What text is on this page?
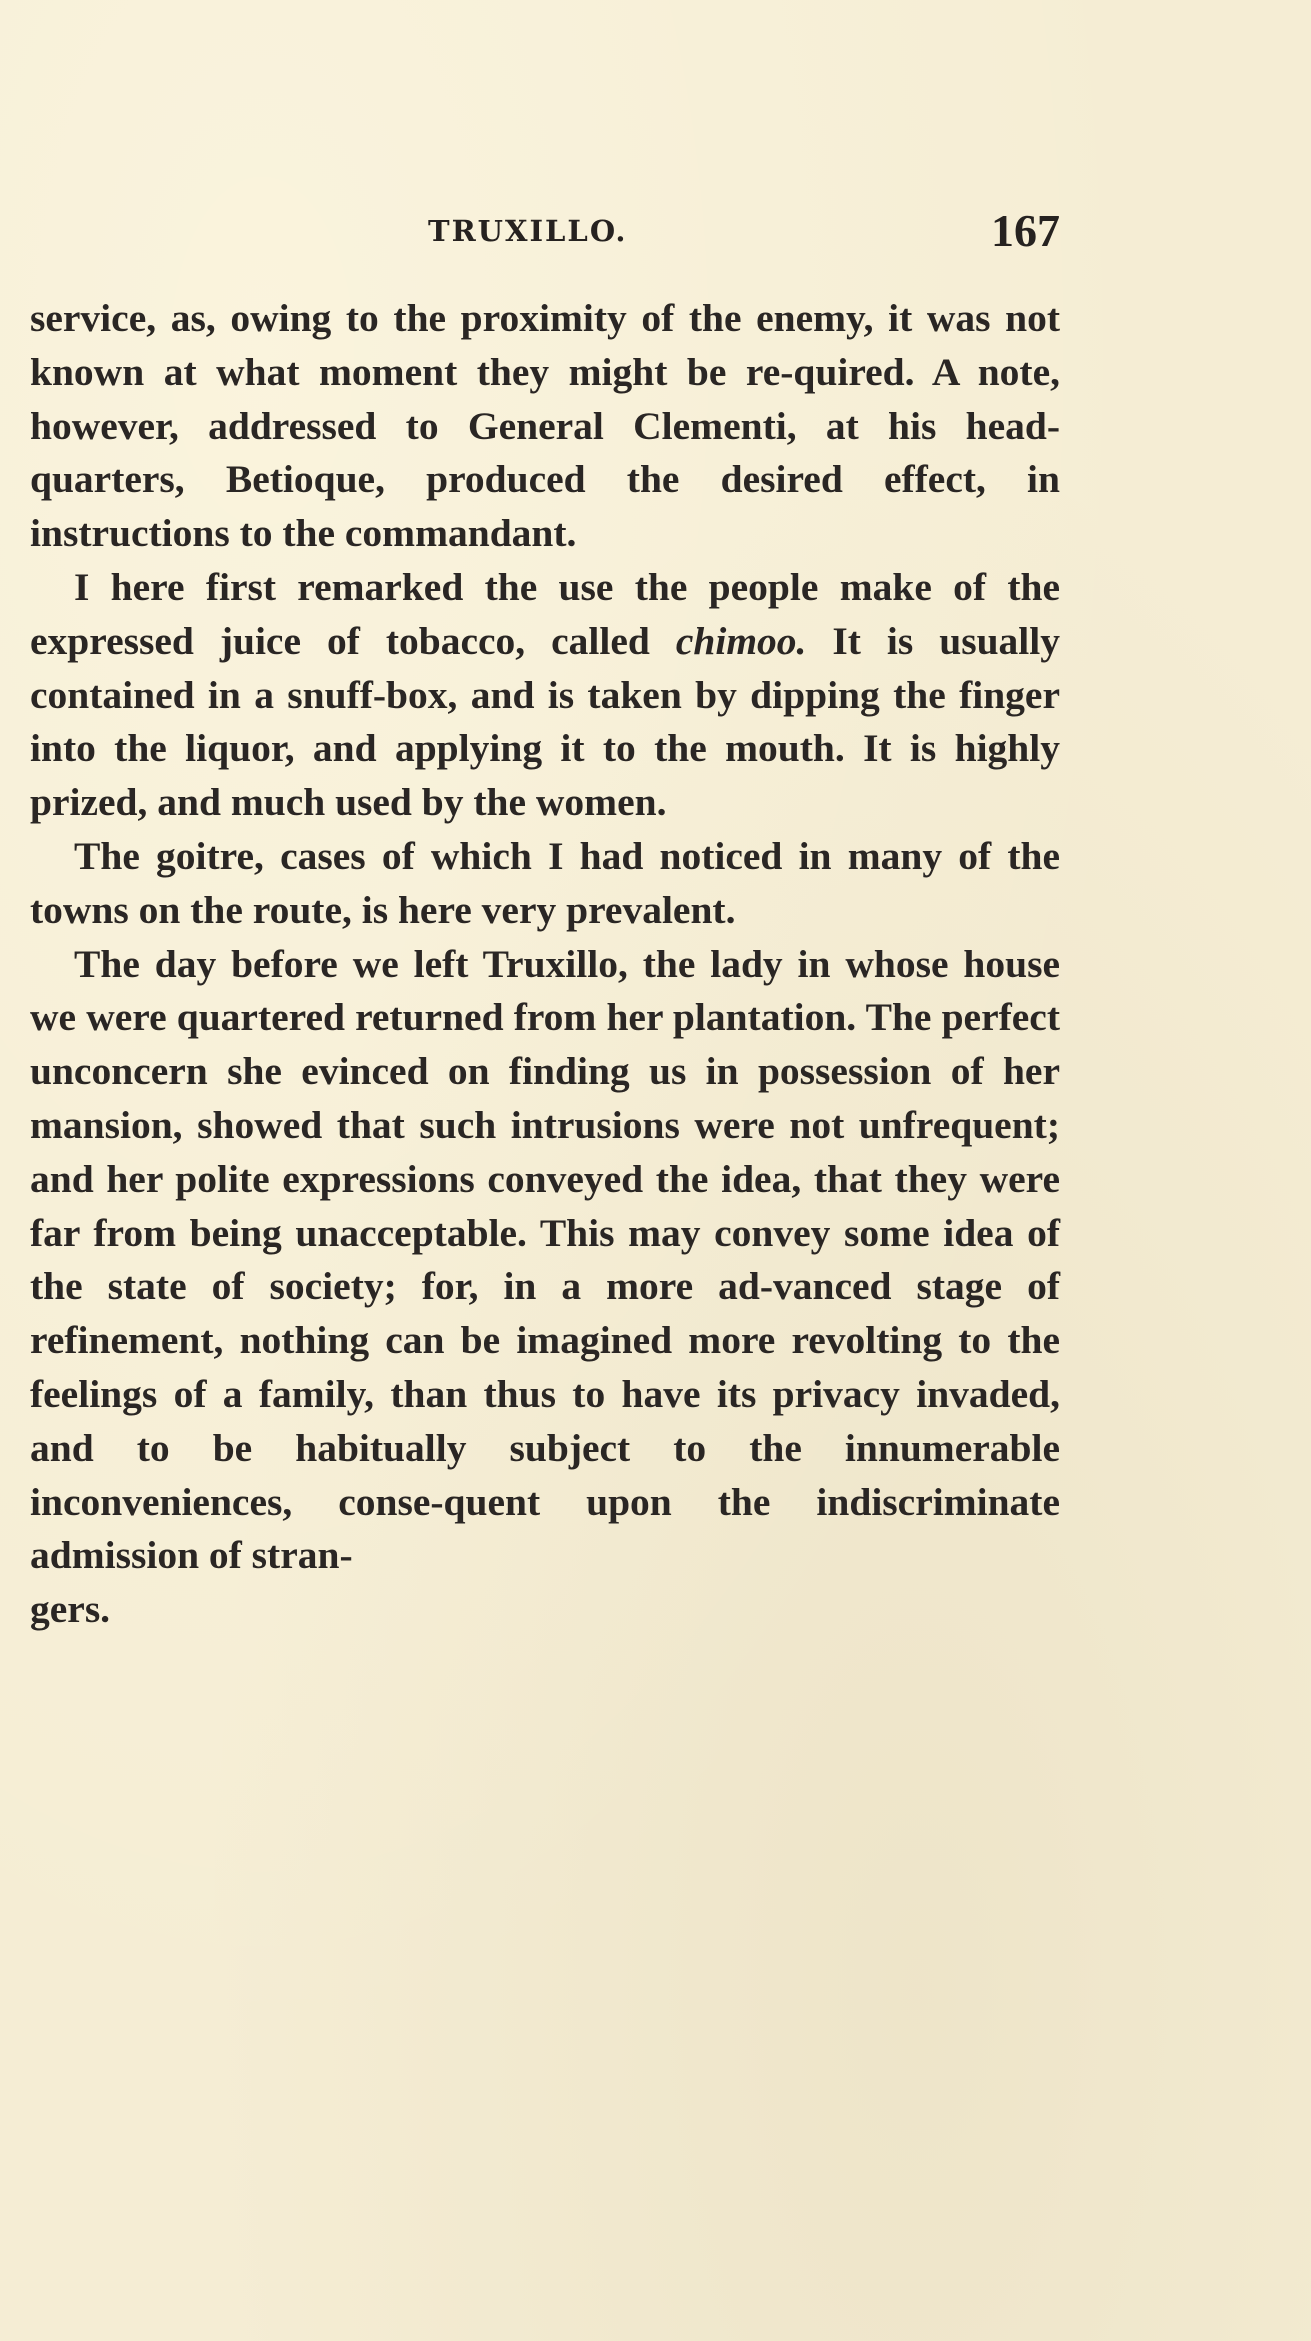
TRUXILLO.	167

service, as, owing to the proximity of the enemy, it was not known at what moment they might be re-quired. A note, however, addressed to General Clementi, at his head-quarters, Betioque, produced the desired effect, in instructions to the commandant.

I here first remarked the use the people make of the expressed juice of tobacco, called chimoo. It is usually contained in a snuff-box, and is taken by dipping the finger into the liquor, and applying it to the mouth. It is highly prized, and much used by the women.

The goitre, cases of which I had noticed in many of the towns on the route, is here very prevalent.

The day before we left Truxillo, the lady in whose house we were quartered returned from her plantation. The perfect unconcern she evinced on finding us in possession of her mansion, showed that such intrusions were not unfrequent; and her polite expressions conveyed the idea, that they were far from being unacceptable. This may convey some idea of the state of society; for, in a more ad-vanced stage of refinement, nothing can be imagined more revolting to the feelings of a family, than thus to have its privacy invaded, and to be habitually subject to the innumerable inconveniences, conse-quent upon the indiscriminate admission of stran-

gers.
